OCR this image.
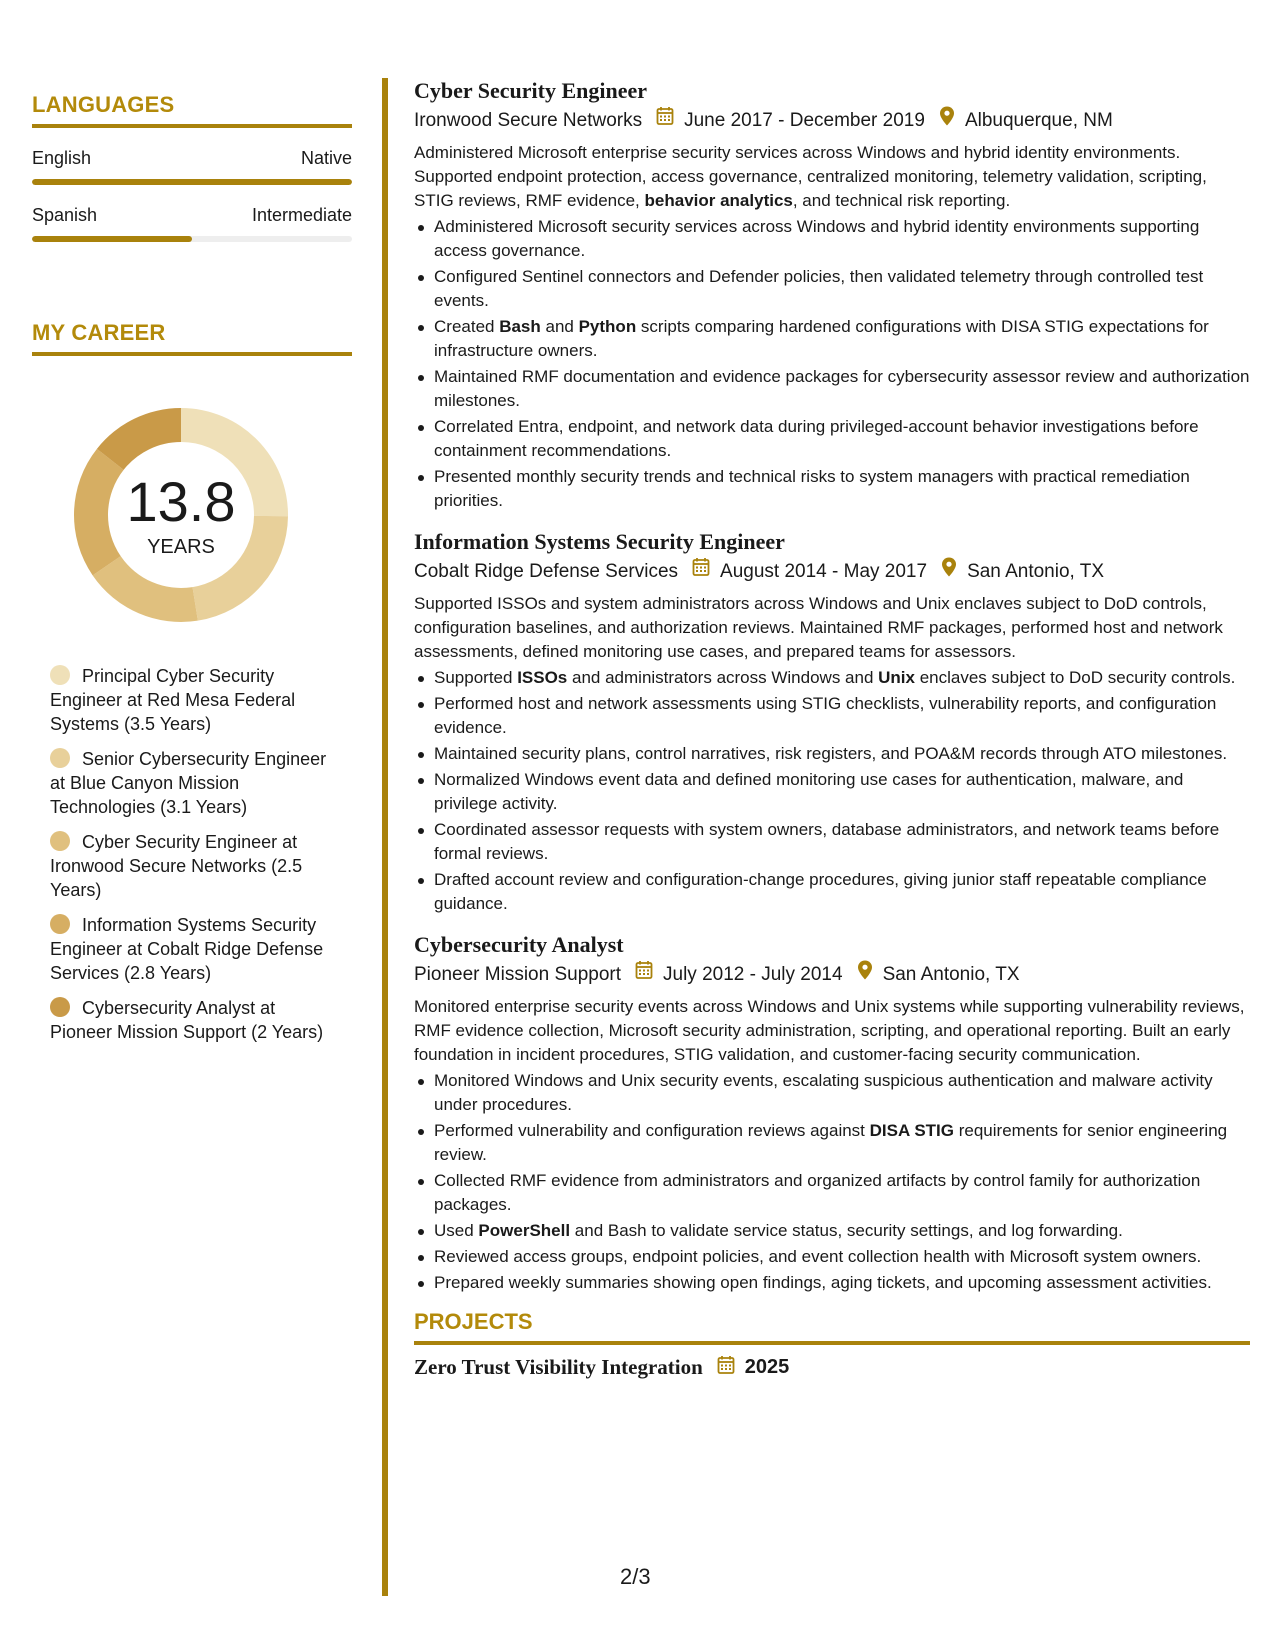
LANGUAGES
English	Native
Spanish	Intermediate
MY CAREER
13.8
YEARS
Principal Cyber Security Engineer at Red Mesa Federal Systems (3.5 Years)
Senior Cybersecurity Engineer at Blue Canyon Mission Technologies (3.1 Years)
Cyber Security Engineer at Ironwood Secure Networks (2.5 Years)
Information Systems Security Engineer at Cobalt Ridge Defense Services (2.8 Years)
Cybersecurity Analyst at Pioneer Mission Support (2 Years)
Cyber Security Engineer
Ironwood Secure Networks June 2017 - December 2019 Albuquerque, NM
Administered Microsoft enterprise security services across Windows and hybrid identity environments. Supported endpoint protection, access governance, centralized monitoring, telemetry validation, scripting, STIG reviews, RMF evidence, behavior analytics, and technical risk reporting.
Administered Microsoft security services across Windows and hybrid identity environments supporting access governance.
Configured Sentinel connectors and Defender policies, then validated telemetry through controlled test events.
Created Bash and Python scripts comparing hardened configurations with DISA STIG expectations for infrastructure owners.
Maintained RMF documentation and evidence packages for cybersecurity assessor review and authorization milestones.
Correlated Entra, endpoint, and network data during privileged-account behavior investigations before containment recommendations.
Presented monthly security trends and technical risks to system managers with practical remediation priorities.
Information Systems Security Engineer
Cobalt Ridge Defense Services August 2014 - May 2017 San Antonio, TX
Supported ISSOs and system administrators across Windows and Unix enclaves subject to DoD controls, configuration baselines, and authorization reviews. Maintained RMF packages, performed host and network assessments, defined monitoring use cases, and prepared teams for assessors.
Supported ISSOs and administrators across Windows and Unix enclaves subject to DoD security controls.
Performed host and network assessments using STIG checklists, vulnerability reports, and configuration evidence.
Maintained security plans, control narratives, risk registers, and POA&M records through ATO milestones.
Normalized Windows event data and defined monitoring use cases for authentication, malware, and privilege activity.
Coordinated assessor requests with system owners, database administrators, and network teams before formal reviews.
Drafted account review and configuration-change procedures, giving junior staff repeatable compliance guidance.
Cybersecurity Analyst
Pioneer Mission Support July 2012 - July 2014 San Antonio, TX
Monitored enterprise security events across Windows and Unix systems while supporting vulnerability reviews, RMF evidence collection, Microsoft security administration, scripting, and operational reporting. Built an early foundation in incident procedures, STIG validation, and customer-facing security communication.
Monitored Windows and Unix security events, escalating suspicious authentication and malware activity under procedures.
Performed vulnerability and configuration reviews against DISA STIG requirements for senior engineering review.
Collected RMF evidence from administrators and organized artifacts by control family for authorization packages.
Used PowerShell and Bash to validate service status, security settings, and log forwarding.
Reviewed access groups, endpoint policies, and event collection health with Microsoft system owners.
Prepared weekly summaries showing open findings, aging tickets, and upcoming assessment activities.
PROJECTS
Zero Trust Visibility Integration 2025
2/3
